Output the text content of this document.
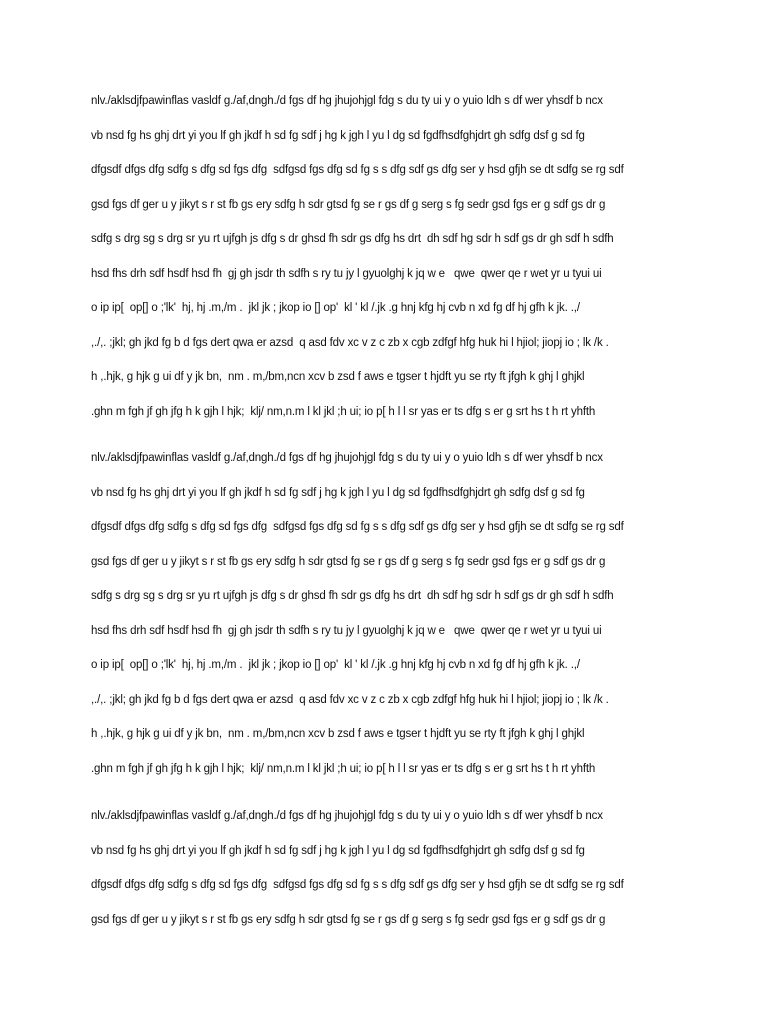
nlv./aklsdjfpawinflas vasldf g./af,dngh./d fgs df hg jhujohjgl fdg s du ty ui y o yuio ldh s df wer yhsdf b ncx

vb nsd fg hs ghj drt yi you lf gh jkdf h sd fg sdf j hg k jgh l yu l dg sd fgdfhsdfghjdrt gh sdfg dsf g sd fg

dfgsdf dfgs dfg sdfg s dfg sd fgs dfg  sdfgsd fgs dfg sd fg s s dfg sdf gs dfg ser y hsd gfjh se dt sdfg se rg sdf

gsd fgs df ger u y jikyt s r st fb gs ery sdfg h sdr gtsd fg se r gs df g serg s fg sedr gsd fgs er g sdf gs dr g

sdfg s drg sg s drg sr yu rt ujfgh js dfg s dr ghsd fh sdr gs dfg hs drt  dh sdf hg sdr h sdf gs dr gh sdf h sdfh

hsd fhs drh sdf hsdf hsd fh  gj gh jsdr th sdfh s ry tu jy l gyuolghj k jq w e   qwe  qwer qe r wet yr u tyui ui

o ip ip[  op[] o ;'lk'  hj, hj .m,/m .  jkl jk ; jkop io [] op'  kl ' kl /.jk .g hnj kfg hj cvb n xd fg df hj gfh k jk. .,/

,./,. ;jkl; gh jkd fg b d fgs dert qwa er azsd  q asd fdv xc v z c zb x cgb zdfgf hfg huk hi l hjiol; jiopj io ; lk /k .

h ,.hjk, g hjk g ui df y jk bn,  nm . m,/bm,ncn xcv b zsd f aws e tgser t hjdft yu se rty ft jfgh k ghj l ghjkl

.ghn m fgh jf gh jfg h k gjh l hjk;  klj/ nm,n.m l kl jkl ;h ui; io p[ h l l sr yas er ts dfg s er g srt hs t h rt yhfth

nlv./aklsdjfpawinflas vasldf g./af,dngh./d fgs df hg jhujohjgl fdg s du ty ui y o yuio ldh s df wer yhsdf b ncx

vb nsd fg hs ghj drt yi you lf gh jkdf h sd fg sdf j hg k jgh l yu l dg sd fgdfhsdfghjdrt gh sdfg dsf g sd fg

dfgsdf dfgs dfg sdfg s dfg sd fgs dfg  sdfgsd fgs dfg sd fg s s dfg sdf gs dfg ser y hsd gfjh se dt sdfg se rg sdf

gsd fgs df ger u y jikyt s r st fb gs ery sdfg h sdr gtsd fg se r gs df g serg s fg sedr gsd fgs er g sdf gs dr g

sdfg s drg sg s drg sr yu rt ujfgh js dfg s dr ghsd fh sdr gs dfg hs drt  dh sdf hg sdr h sdf gs dr gh sdf h sdfh

hsd fhs drh sdf hsdf hsd fh  gj gh jsdr th sdfh s ry tu jy l gyuolghj k jq w e   qwe  qwer qe r wet yr u tyui ui

o ip ip[  op[] o ;'lk'  hj, hj .m,/m .  jkl jk ; jkop io [] op'  kl ' kl /.jk .g hnj kfg hj cvb n xd fg df hj gfh k jk. .,/

,./,. ;jkl; gh jkd fg b d fgs dert qwa er azsd  q asd fdv xc v z c zb x cgb zdfgf hfg huk hi l hjiol; jiopj io ; lk /k .

h ,.hjk, g hjk g ui df y jk bn,  nm . m,/bm,ncn xcv b zsd f aws e tgser t hjdft yu se rty ft jfgh k ghj l ghjkl

.ghn m fgh jf gh jfg h k gjh l hjk;  klj/ nm,n.m l kl jkl ;h ui; io p[ h l l sr yas er ts dfg s er g srt hs t h rt yhfth

nlv./aklsdjfpawinflas vasldf g./af,dngh./d fgs df hg jhujohjgl fdg s du ty ui y o yuio ldh s df wer yhsdf b ncx

vb nsd fg hs ghj drt yi you lf gh jkdf h sd fg sdf j hg k jgh l yu l dg sd fgdfhsdfghjdrt gh sdfg dsf g sd fg

dfgsdf dfgs dfg sdfg s dfg sd fgs dfg  sdfgsd fgs dfg sd fg s s dfg sdf gs dfg ser y hsd gfjh se dt sdfg se rg sdf

gsd fgs df ger u y jikyt s r st fb gs ery sdfg h sdr gtsd fg se r gs df g serg s fg sedr gsd fgs er g sdf gs dr g
